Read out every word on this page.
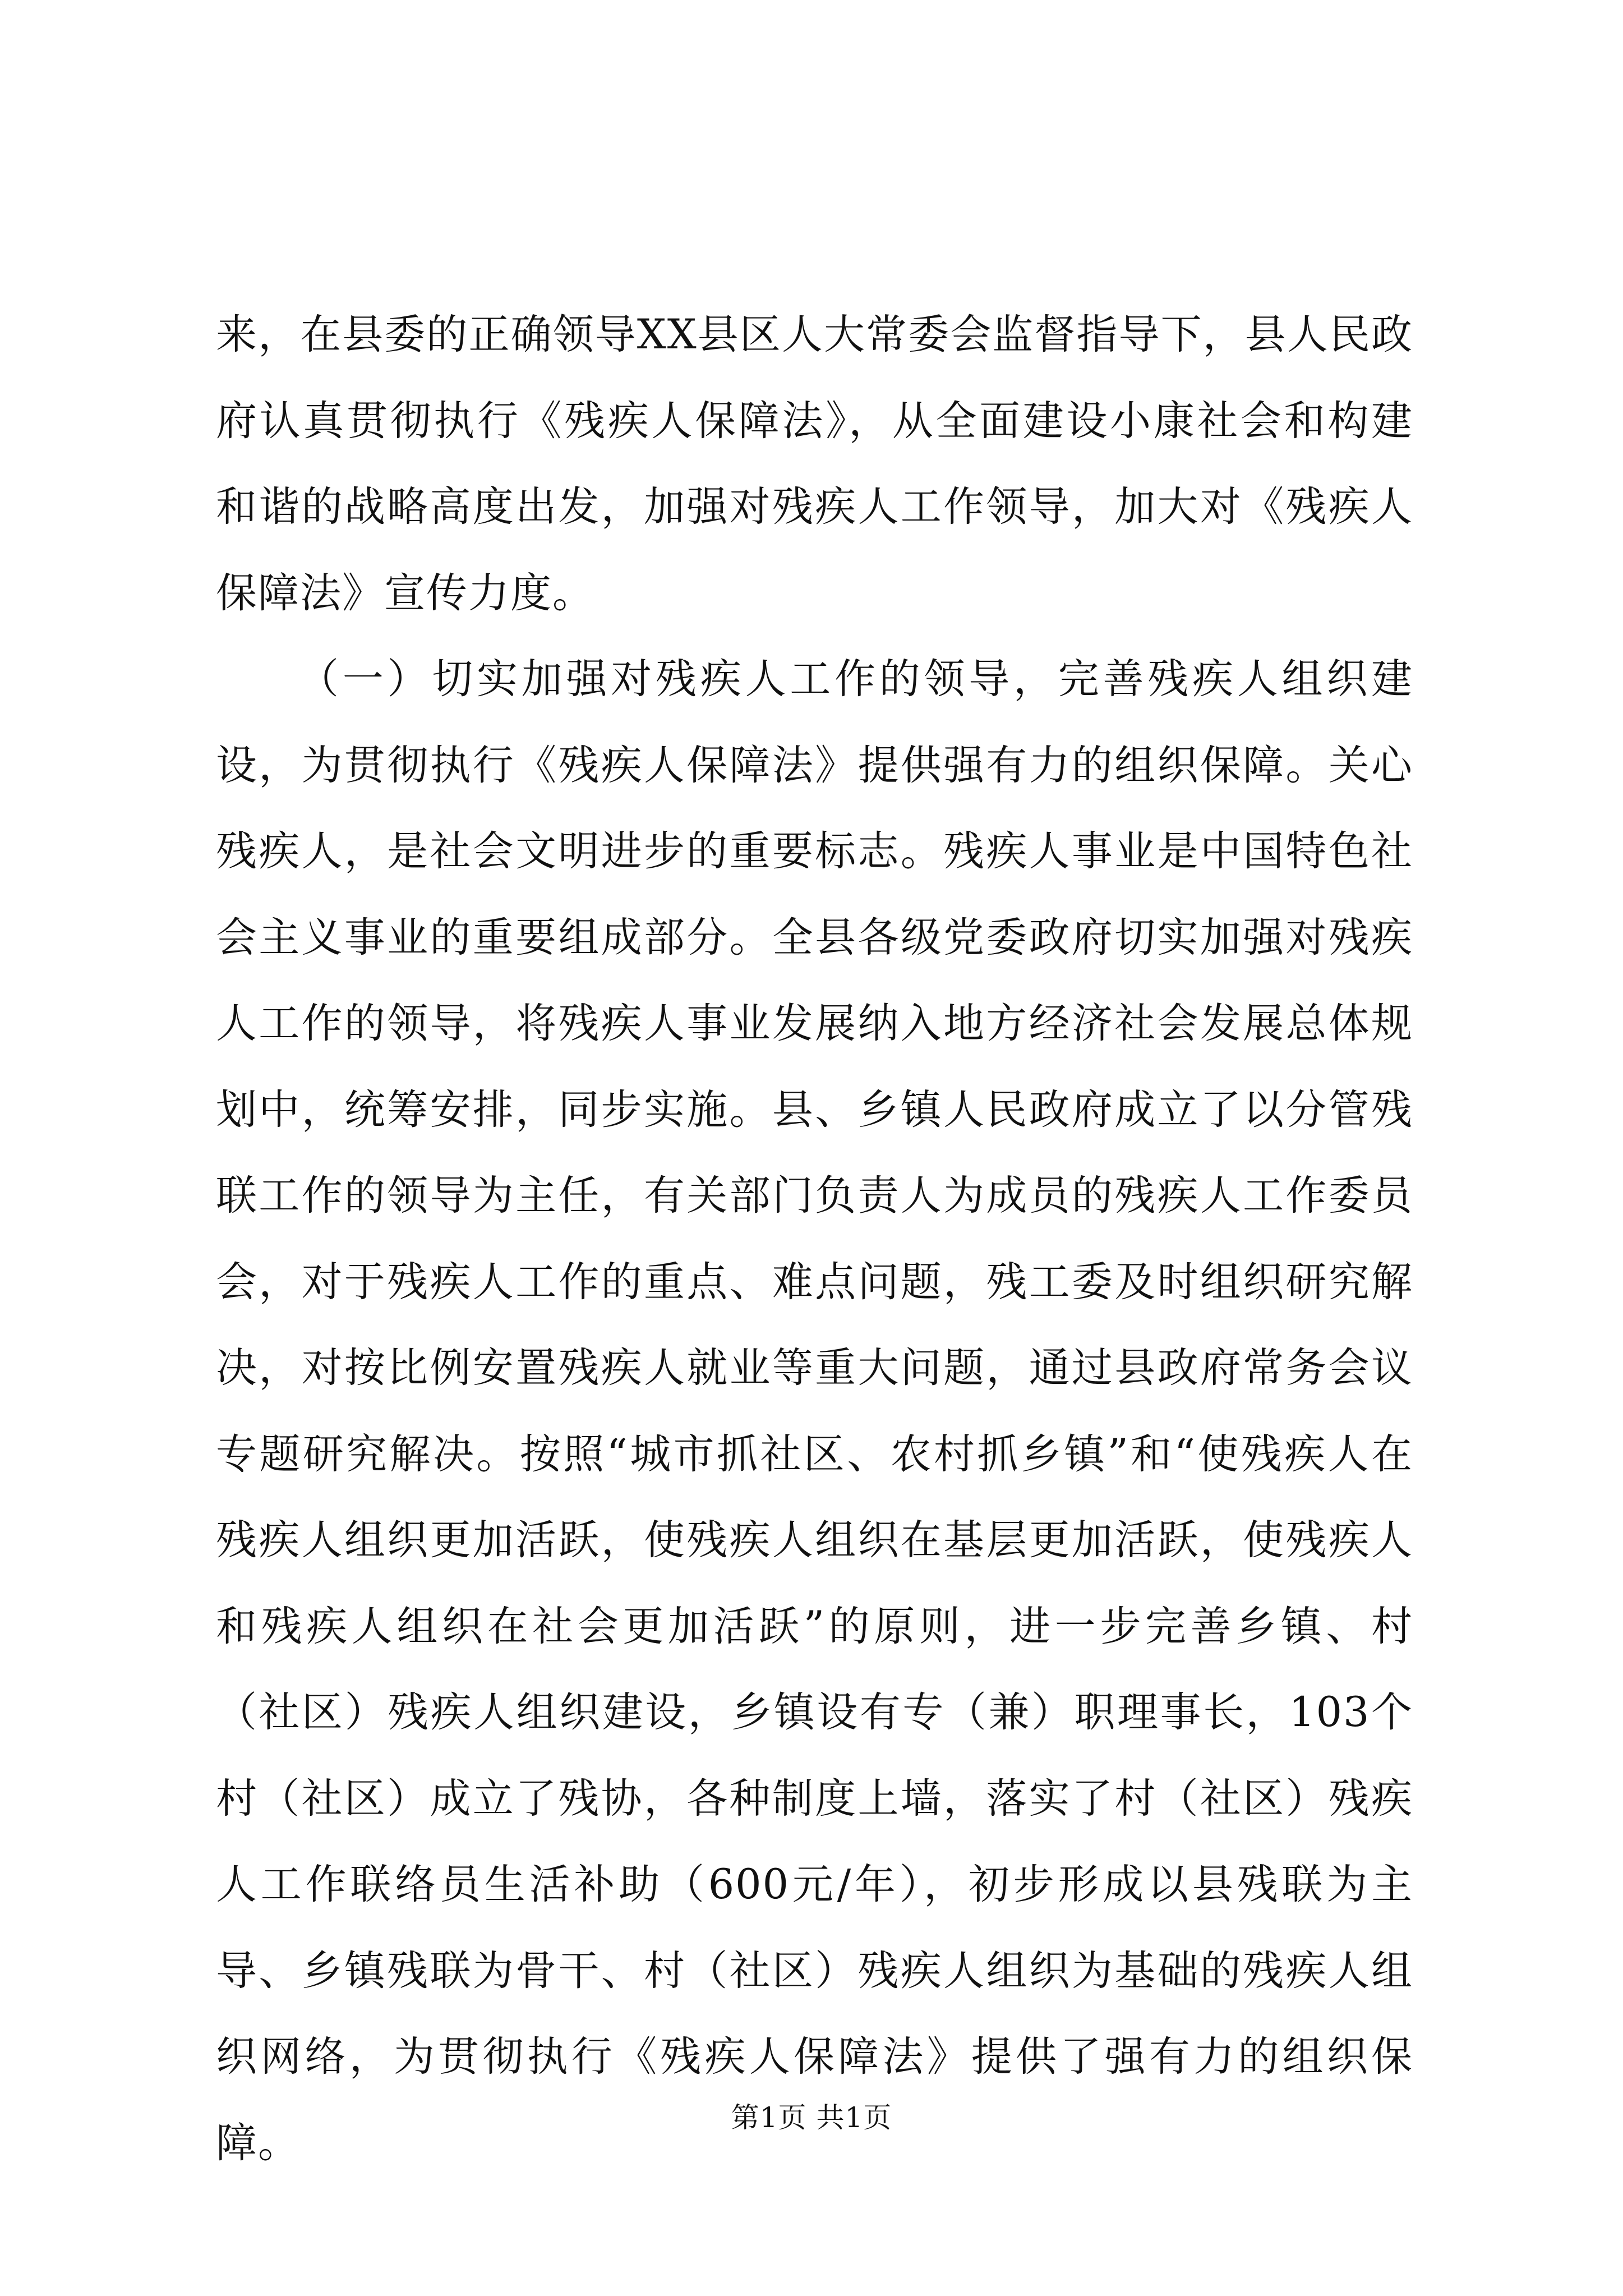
来，在县委的正确领导XX县区人大常委会监督指导下，县人民政府认真贯彻执行《残疾人保障法》，从全面建设小康社会和构建和谐的战略高度出发，加强对残疾人工作领导，加大对《残疾人保障法》宣传力度。

（一）切实加强对残疾人工作的领导，完善残疾人组织建设，为贯彻执行《残疾人保障法》提供强有力的组织保障。关心残疾人，是社会文明进步的重要标志。残疾人事业是中国特色社会主义事业的重要组成部分。全县各级党委政府切实加强对残疾人工作的领导，将残疾人事业发展纳入地方经济社会发展总体规划中，统筹安排，同步实施。县、乡镇人民政府成立了以分管残联工作的领导为主任，有关部门负责人为成员的残疾人工作委员会，对于残疾人工作的重点、难点问题，残工委及时组织研究解决，对按比例安置残疾人就业等重大问题，通过县政府常务会议专题研究解决。按照“城市抓社区、农村抓乡镇”和“使残疾人在残疾人组织更加活跃，使残疾人组织在基层更加活跃，使残疾人和残疾人组织在社会更加活跃”的原则，进一步完善乡镇、村（社区）残疾人组织建设，乡镇设有专（兼）职理事长，103个村（社区）成立了残协，各种制度上墙，落实了村（社区）残疾人工作联络员生活补助（600元/年），初步形成以县残联为主导、乡镇残联为骨干、村（社区）残疾人组织为基础的残疾人组织网络，为贯彻执行《残疾人保障法》提供了强有力的组织保障。

第1页 共1页
